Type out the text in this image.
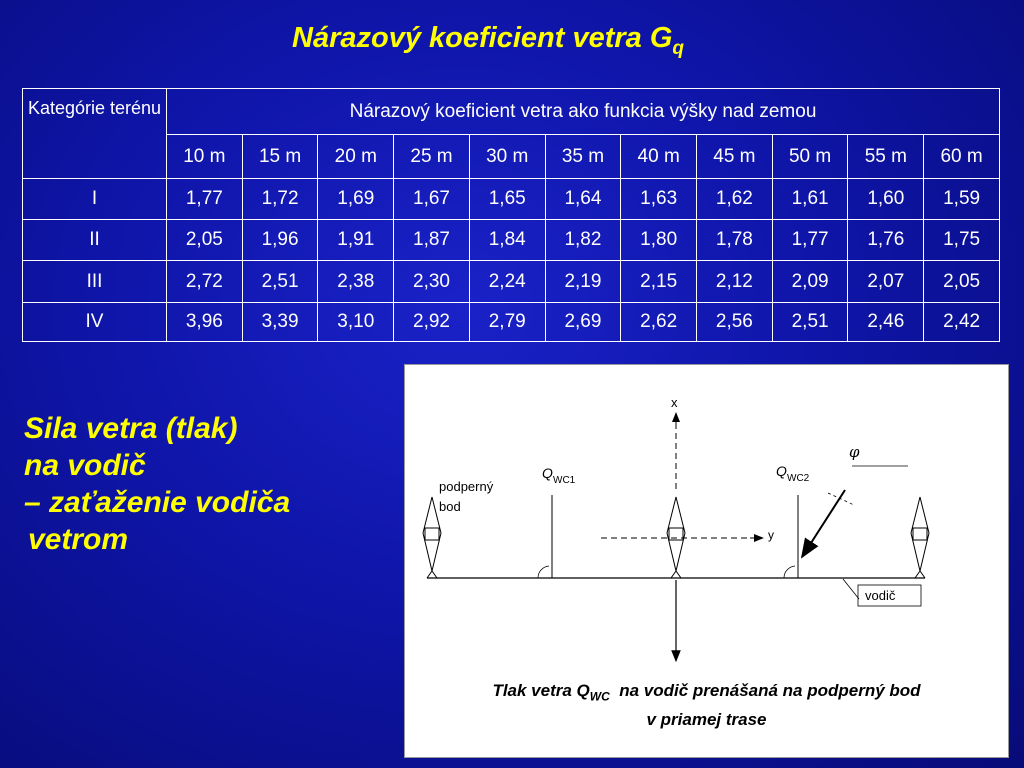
Nárazový koeficient vetra $G_q$
Kategórie terénu	Nárazový koeficient vetra ako funkcia výšky nad zemou										
	10 m	15 m	20 m	25 m	30 m	35 m	40 m	45 m	50 m	55 m	60 m
I	1,77	1,72	1,69	1,67	1,65	1,64	1,63	1,62	1,61	1,60	1,59
II	2,05	1,96	1,91	1,87	1,84	1,82	1,80	1,78	1,77	1,76	1,75
III	2,72	2,51	2,38	2,30	2,24	2,19	2,15	2,12	2,09	2,07	2,05
IV	3,96	3,39	3,10	2,92	2,79	2,69	2,62	2,56	2,51	2,46	2,42
Sila vetra (tlak)
na vodič
– zaťaženie vodiča
vetrom
x
y
Q WC1
podperný
bod
Q WC2
φ
vodič
Tlak vetra $Q_{WC}$  na vodič prenášaná na podperný bod
v priamej trase
